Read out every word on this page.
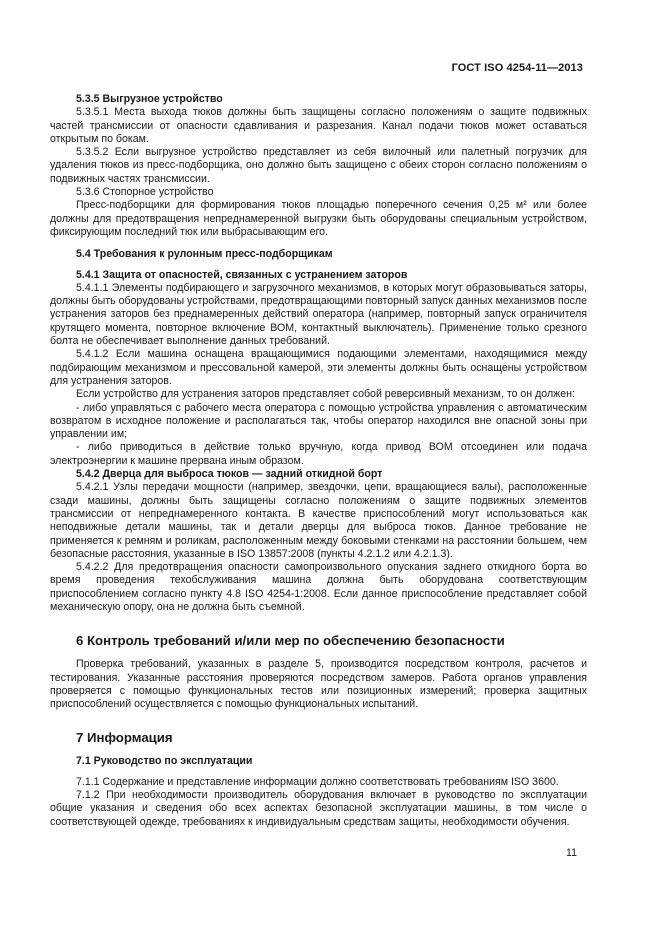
ГОСТ ISO 4254-11—2013

5.3.5 Выгрузное устройство

5.3.5.1 Места выхода тюков должны быть защищены согласно положениям о защите подвижных частей трансмиссии от опасности сдавливания и разрезания. Канал подачи тюков может оставаться открытым по бокам.

5.3.5.2 Если выгрузное устройство представляет из себя вилочный или палетный погрузчик для удаления тюков из пресс-подборщика, оно должно быть защищено с обеих сторон согласно положениям о подвижных частях трансмиссии.

5.3.6 Стопорное устройство

Пресс-подборщики для формирования тюков площадью поперечного сечения 0,25 м² или более должны для предотвращения непреднамеренной выгрузки быть оборудованы специальным устройством, фиксирующим последний тюк или выбрасывающим его.

5.4 Требования к рулонным пресс-подборщикам

5.4.1 Защита от опасностей, связанных с устранением заторов

5.4.1.1 Элементы подбирающего и загрузочного механизмов, в которых могут образовываться заторы, должны быть оборудованы устройствами, предотвращающими повторный запуск данных механизмов после устранения заторов без преднамеренных действий оператора (например, повторный запуск ограничителя крутящего момента, повторное включение ВОМ, контактный выключатель). Применение только срезного болта не обеспечивает выполнение данных требований.

5.4.1.2 Если машина оснащена вращающимися подающими элементами, находящимися между подбирающим механизмом и прессовальной камерой, эти элементы должны быть оснащены устройством для устранения заторов.

Если устройство для устранения заторов представляет собой реверсивный механизм, то он должен:

- либо управляться с рабочего места оператора с помощью устройства управления с автоматическим возвратом в исходное положение и располагаться так, чтобы оператор находился вне опасной зоны при управлении им;

- либо приводиться в действие только вручную, когда привод ВОМ отсоединен или подача электроэнергии к машине прервана иным образом.

5.4.2 Дверца для выброса тюков — задний откидной борт

5.4.2.1 Узлы передачи мощности (например, звездочки, цепи, вращающиеся валы), расположенные сзади машины, должны быть защищены согласно положениям о защите подвижных элементов трансмиссии от непреднамеренного контакта. В качестве приспособлений могут использоваться как неподвижные детали машины, так и детали дверцы для выброса тюков. Данное требование не применяется к ремням и роликам, расположенным между боковыми стенками на расстоянии большем, чем безопасные расстояния, указанные в ISO 13857:2008 (пункты 4.2.1.2 или 4.2.1.3).

5.4.2.2 Для предотвращения опасности самопроизвольного опускания заднего откидного борта во время проведения техобслуживания машина должна быть оборудована соответствующим приспособлением согласно пункту 4.8 ISO 4254-1:2008. Если данное приспособление представляет собой механическую опору, она не должна быть съемной.

6 Контроль требований и/или мер по обеспечению безопасности

Проверка требований, указанных в разделе 5, производится посредством контроля, расчетов и тестирования. Указанные расстояния проверяются посредством замеров. Работа органов управления проверяется с помощью функциональных тестов или позиционных измерений; проверка защитных приспособлений осуществляется с помощью функциональных испытаний.

7 Информация

7.1 Руководство по эксплуатации

7.1.1 Содержание и представление информации должно соответствовать требованиям ISO 3600.

7.1.2 При необходимости производитель оборудования включает в руководство по эксплуатации общие указания и сведения обо всех аспектах безопасной эксплуатации машины, в том числе о соответствующей одежде, требованиях к индивидуальным средствам защиты, необходимости обучения.

11
